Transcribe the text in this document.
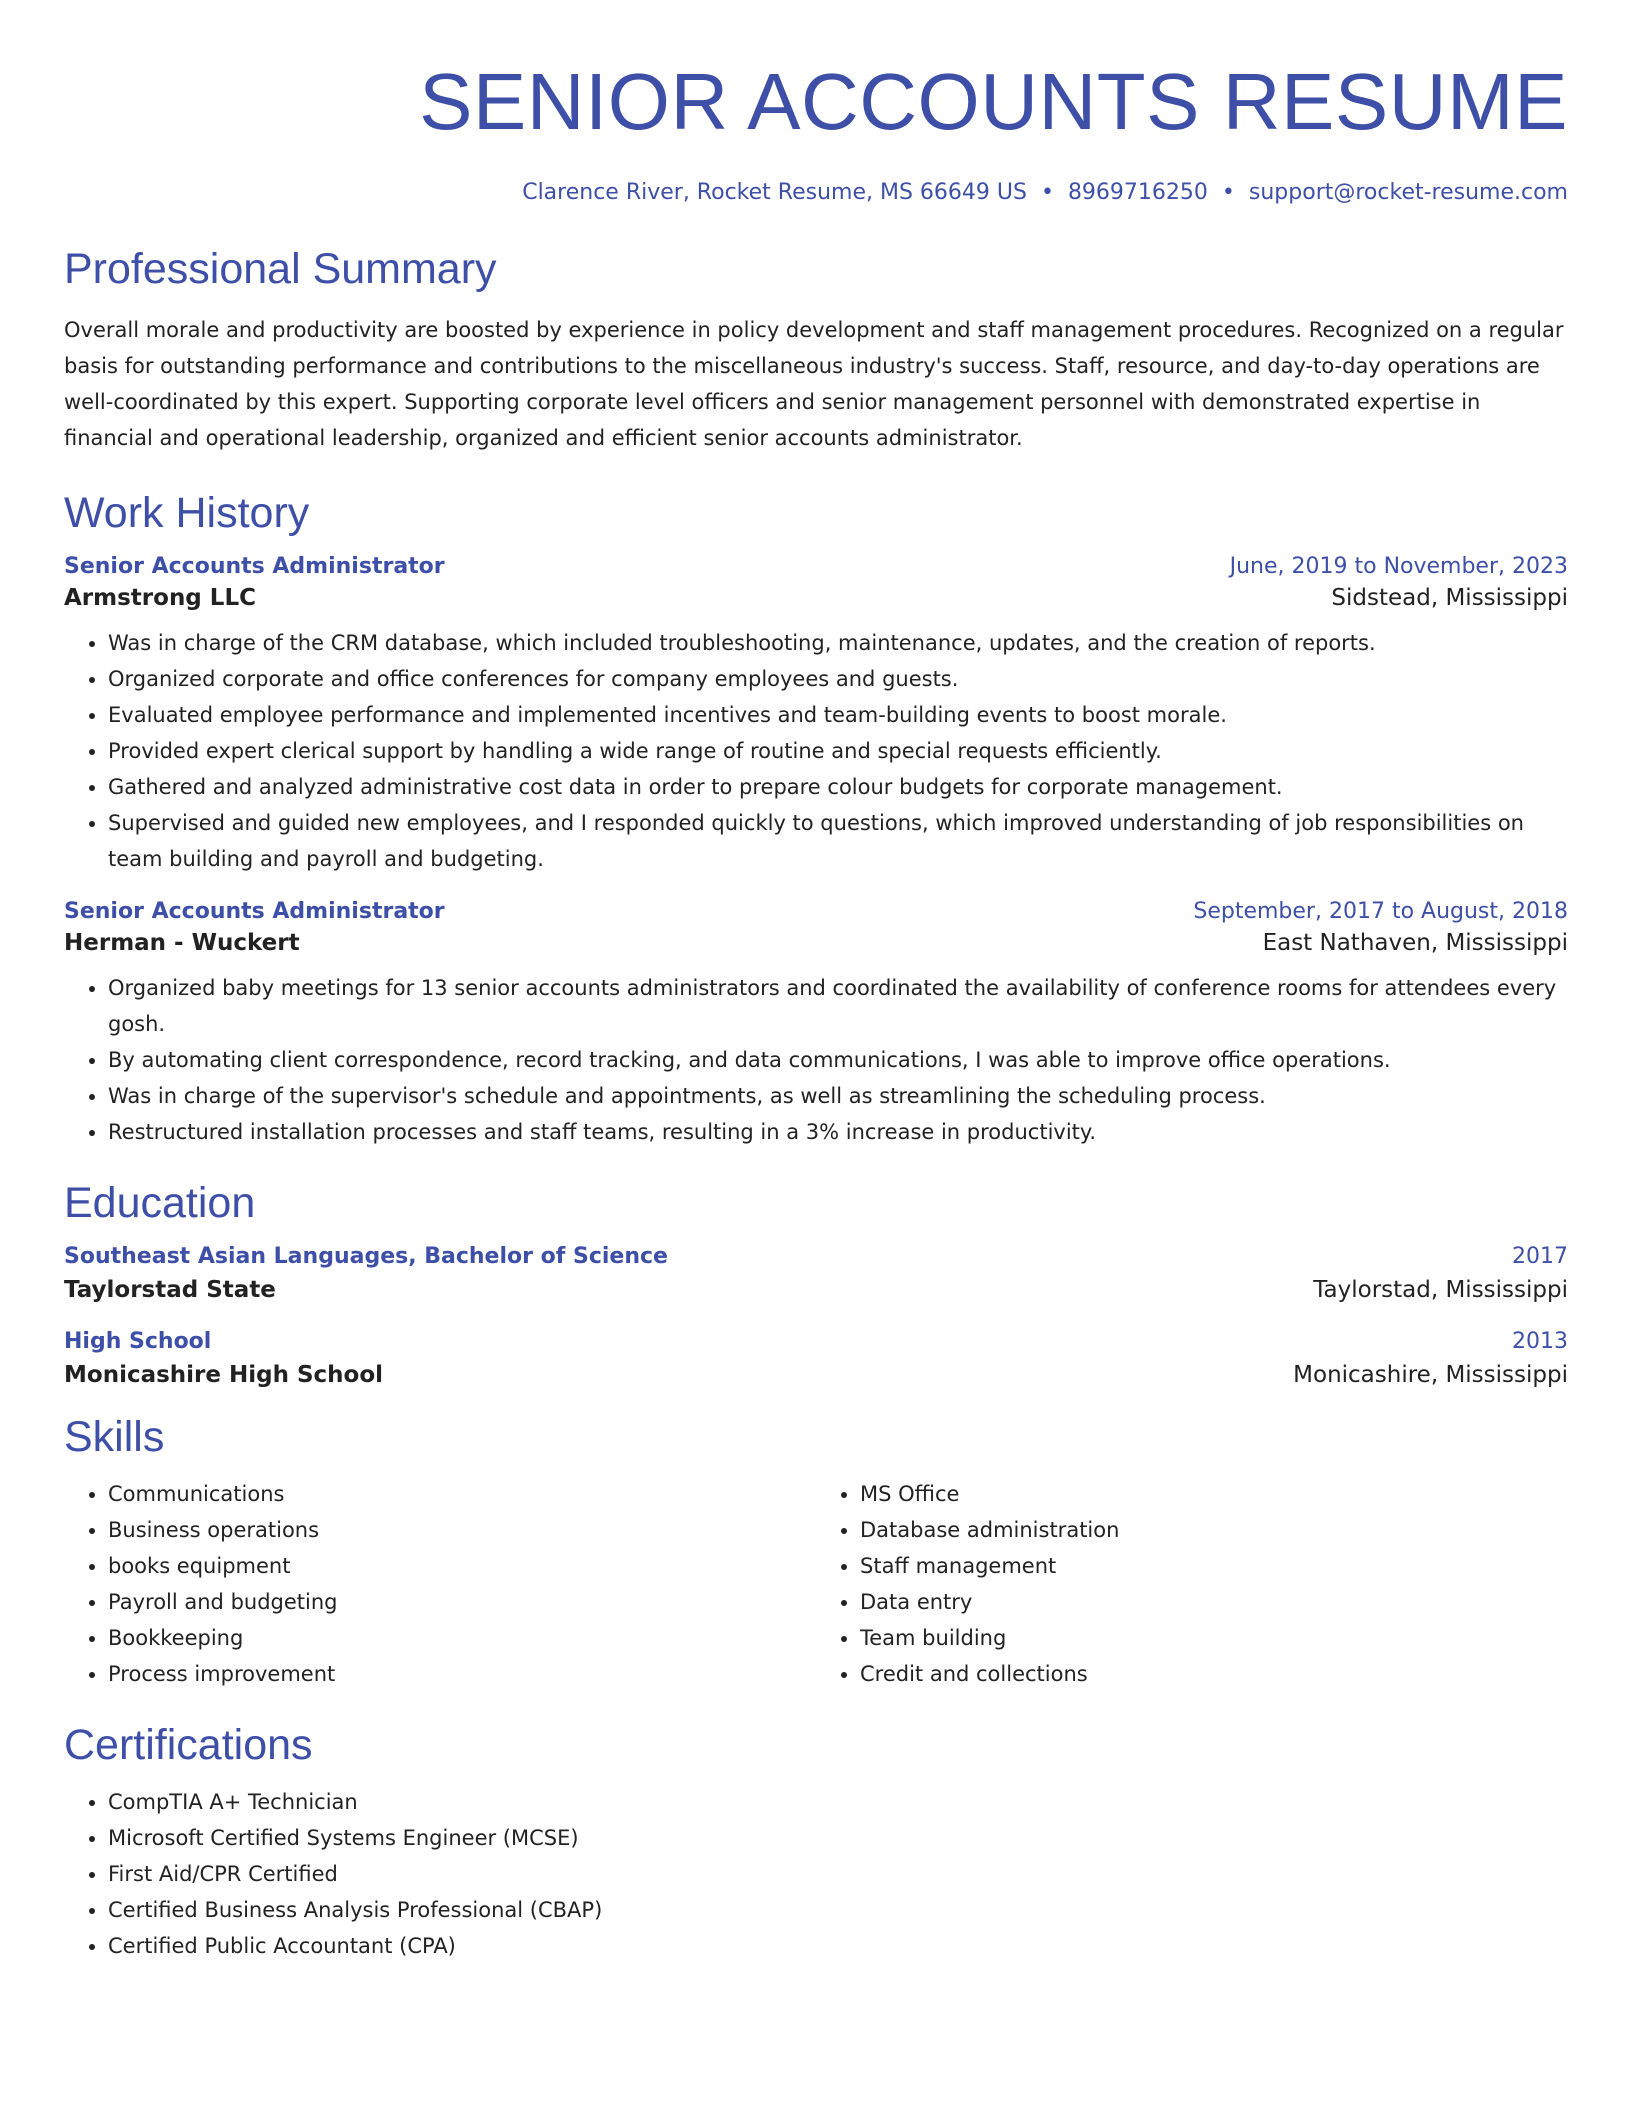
SENIOR ACCOUNTS RESUME
Clarence River, Rocket Resume, MS 66649 US • 8969716250 • support@rocket-resume.com
Professional Summary

Overall morale and productivity are boosted by experience in policy development and staff management procedures. Recognized on a regular basis for outstanding performance and contributions to the miscellaneous industry's success. Staff, resource, and day-to-day operations are well-coordinated by this expert. Supporting corporate level officers and senior management personnel with demonstrated expertise in financial and operational leadership, organized and efficient senior accounts administrator.

Work History
Senior Accounts Administrator	June, 2019 to November, 2023
Armstrong LLC	Sidstead, Mississippi
• Was in charge of the CRM database, which included troubleshooting, maintenance, updates, and the creation of reports.
• Organized corporate and office conferences for company employees and guests.
• Evaluated employee performance and implemented incentives and team-building events to boost morale.
• Provided expert clerical support by handling a wide range of routine and special requests efficiently.
• Gathered and analyzed administrative cost data in order to prepare colour budgets for corporate management.
• Supervised and guided new employees, and I responded quickly to questions, which improved understanding of job responsibilities on team building and payroll and budgeting.
Senior Accounts Administrator	September, 2017 to August, 2018
Herman - Wuckert	East Nathaven, Mississippi
• Organized baby meetings for 13 senior accounts administrators and coordinated the availability of conference rooms for attendees every gosh.
• By automating client correspondence, record tracking, and data communications, I was able to improve office operations.
• Was in charge of the supervisor's schedule and appointments, as well as streamlining the scheduling process.
• Restructured installation processes and staff teams, resulting in a 3% increase in productivity.
Education
Southeast Asian Languages, Bachelor of Science	2017
Taylorstad State	Taylorstad, Mississippi
High School	2013
Monicashire High School	Monicashire, Mississippi
Skills
• Communications
• Business operations
• books equipment
• Payroll and budgeting
• Bookkeeping
• Process improvement
• MS Office
• Database administration
• Staff management
• Data entry
• Team building
• Credit and collections
Certifications
• CompTIA A+ Technician
• Microsoft Certified Systems Engineer (MCSE)
• First Aid/CPR Certified
• Certified Business Analysis Professional (CBAP)
• Certified Public Accountant (CPA)
